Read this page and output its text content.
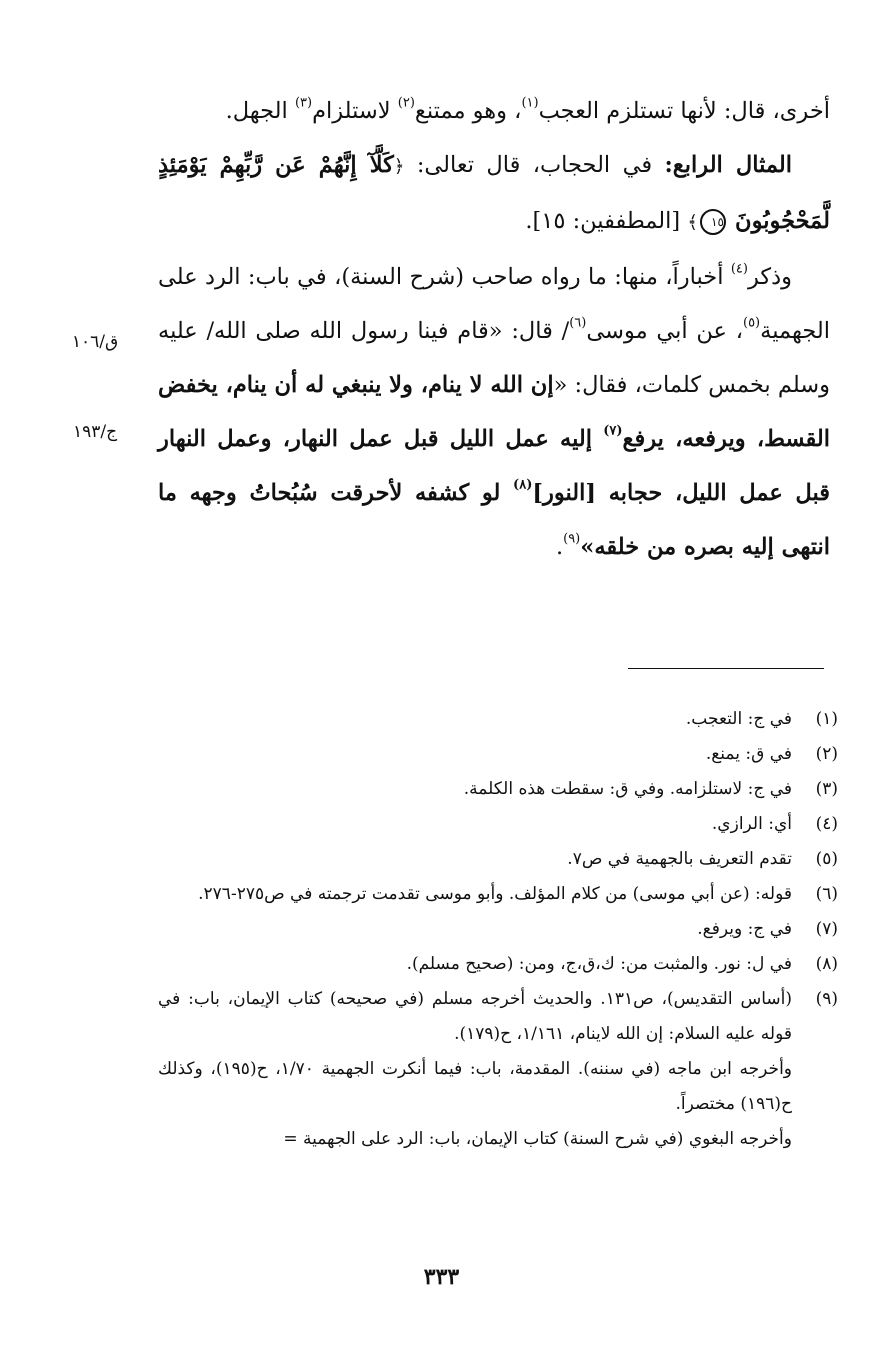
أخرى، قال: لأنها تستلزم العجب$^{(١)}$، وهو ممتنع$^{(٢)}$ لاستلزام$^{(٣)}$ الجهل.

المثال الرابع: في الحجاب، قال تعالى: ﴿كَلَّآ إِنَّهُمْ عَن رَّبِّهِمْ يَوْمَئِذٍ لَّمَحْجُوبُونَ ١٥﴾ [المطففين: ١٥].

وذكر$^{(٤)}$ أخباراً، منها: ما رواه صاحب (شرح السنة)، في باب: الرد على الجهمية$^{(٥)}$، عن أبي موسى$^{(٦)}$/ قال: «قام فينا رسول الله صلى الله/ عليه وسلم بخمس كلمات، فقال: «إن الله لا ينام، ولا ينبغي له أن ينام، يخفض القسط، ويرفعه، يرفع$^{(٧)}$ إليه عمل الليل قبل عمل النهار، وعمل النهار قبل عمل الليل، حجابه [النور]$^{(٨)}$ لو كشفه لأحرقت سُبُحاتُ وجهه ما انتهى إليه بصره من خلقه»$^{(٩)}$.

ق/١٠٦
ج/١٩٣
(١)
في ج: التعجب.
(٢)
في ق: يمنع.
(٣)
في ج: لاستلزامه. وفي ق: سقطت هذه الكلمة.
(٤)
أي: الرازي.
(٥)
تقدم التعريف بالجهمية في ص٧.
(٦)
قوله: (عن أبي موسى) من كلام المؤلف. وأبو موسى تقدمت ترجمته في ص٢٧٥-٢٧٦.
(٧)
في ج: ويرفع.
(٨)
في ل: نور. والمثبت من: ك،ق،ج، ومن: (صحيح مسلم).
(٩)
(أساس التقديس)، ص١٣١. والحديث أخرجه مسلم (في صحيحه) كتاب الإيمان، باب: في قوله عليه السلام: إن الله لاينام، ١/١٦١، ح(١٧٩).
وأخرجه ابن ماجه (في سننه). المقدمة، باب: فيما أنكرت الجهمية ١/٧٠، ح(١٩٥)، وكذلك ح(١٩٦) مختصراً.
وأخرجه البغوي (في شرح السنة) كتاب الإيمان، باب: الرد على الجهمية =
٣٣٣
